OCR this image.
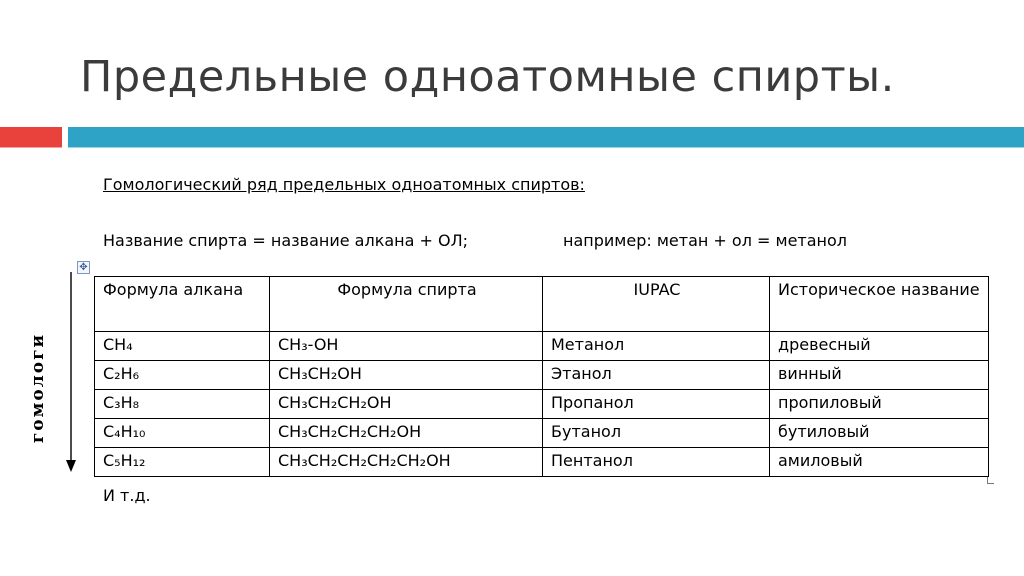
Предельные одноатомные спирты.
Гомологический ряд предельных одноатомных спиртов:
Название спирта = название алкана + ОЛ;	например: метан + ол = метанол
✥
гомологи
Формула алкана	Формула спирта	IUPAC	Историческое название
CH₄	CH₃-OH	Метанол	древесный
C₂H₆	CH₃CH₂OH	Этанол	винный
C₃H₈	CH₃CH₂CH₂OH	Пропанол	пропиловый
C₄H₁₀	CH₃CH₂CH₂CH₂OH	Бутанол	бутиловый
C₅H₁₂	CH₃CH₂CH₂CH₂CH₂OH	Пентанол	амиловый
И т.д.
